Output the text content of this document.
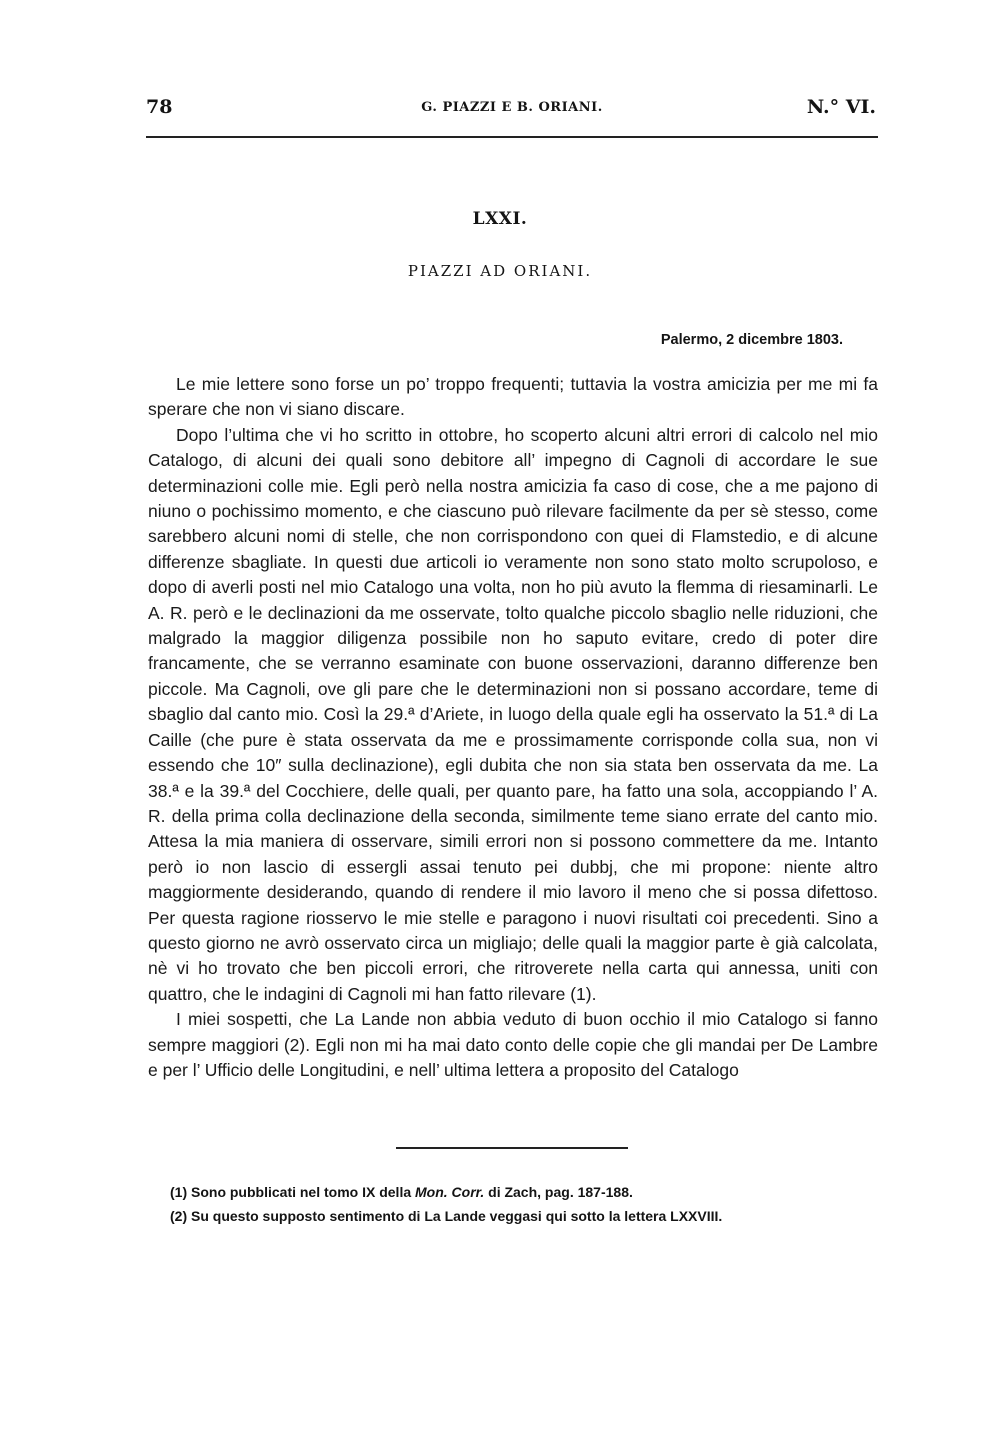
78	G. PIAZZI E B. ORIANI.	N.° VI.
LXXI.
PIAZZI AD ORIANI.
Palermo, 2 dicembre 1803.

Le mie lettere sono forse un po’ troppo frequenti; tuttavia la vostra amicizia per me mi fa sperare che non vi siano discare.

Dopo l’ultima che vi ho scritto in ottobre, ho scoperto alcuni altri errori di calcolo nel mio Catalogo, di alcuni dei quali sono debitore all’ impegno di Cagnoli di accordare le sue determinazioni colle mie. Egli però nella nostra amicizia fa caso di cose, che a me pajono di niuno o pochissimo momento, e che ciascuno può rilevare facilmente da per sè stesso, come sarebbero alcuni nomi di stelle, che non corrispondono con quei di Flamstedio, e di alcune differenze sbagliate. In questi due articoli io veramente non sono stato molto scrupoloso, e dopo di averli posti nel mio Catalogo una volta, non ho più avuto la flemma di riesaminarli. Le A. R. però e le declinazioni da me osservate, tolto qualche piccolo sbaglio nelle riduzioni, che malgrado la maggior diligenza possibile non ho saputo evitare, credo di poter dire francamente, che se verranno esaminate con buone osservazioni, daranno differenze ben piccole. Ma Cagnoli, ove gli pare che le determinazioni non si possano accordare, teme di sbaglio dal canto mio. Così la 29.ª d’Ariete, in luogo della quale egli ha osservato la 51.ª di La Caille (che pure è stata osservata da me e prossimamente corrisponde colla sua, non vi essendo che 10″ sulla declinazione), egli dubita che non sia stata ben osservata da me. La 38.ª e la 39.ª del Cocchiere, delle quali, per quanto pare, ha fatto una sola, accoppiando l’ A. R. della prima colla declinazione della seconda, similmente teme siano errate del canto mio. Attesa la mia maniera di osservare, simili errori non si possono commettere da me. Intanto però io non lascio di essergli assai tenuto pei dubbj, che mi propone: niente altro maggiormente desiderando, quando di rendere il mio lavoro il meno che si possa difettoso. Per questa ragione riosservo le mie stelle e paragono i nuovi risultati coi precedenti. Sino a questo giorno ne avrò osservato circa un migliajo; delle quali la maggior parte è già calcolata, nè vi ho trovato che ben piccoli errori, che ritroverete nella carta qui annessa, uniti con quattro, che le indagini di Cagnoli mi han fatto rilevare (1).

I miei sospetti, che La Lande non abbia veduto di buon occhio il mio Catalogo si fanno sempre maggiori (2). Egli non mi ha mai dato conto delle copie che gli mandai per De Lambre e per l’ Ufficio delle Longitudini, e nell’ ultima lettera a proposito del Catalogo

(1) Sono pubblicati nel tomo IX della Mon. Corr. di Zach, pag. 187-188.
(2) Su questo supposto sentimento di La Lande veggasi qui sotto la lettera LXXVIII.
